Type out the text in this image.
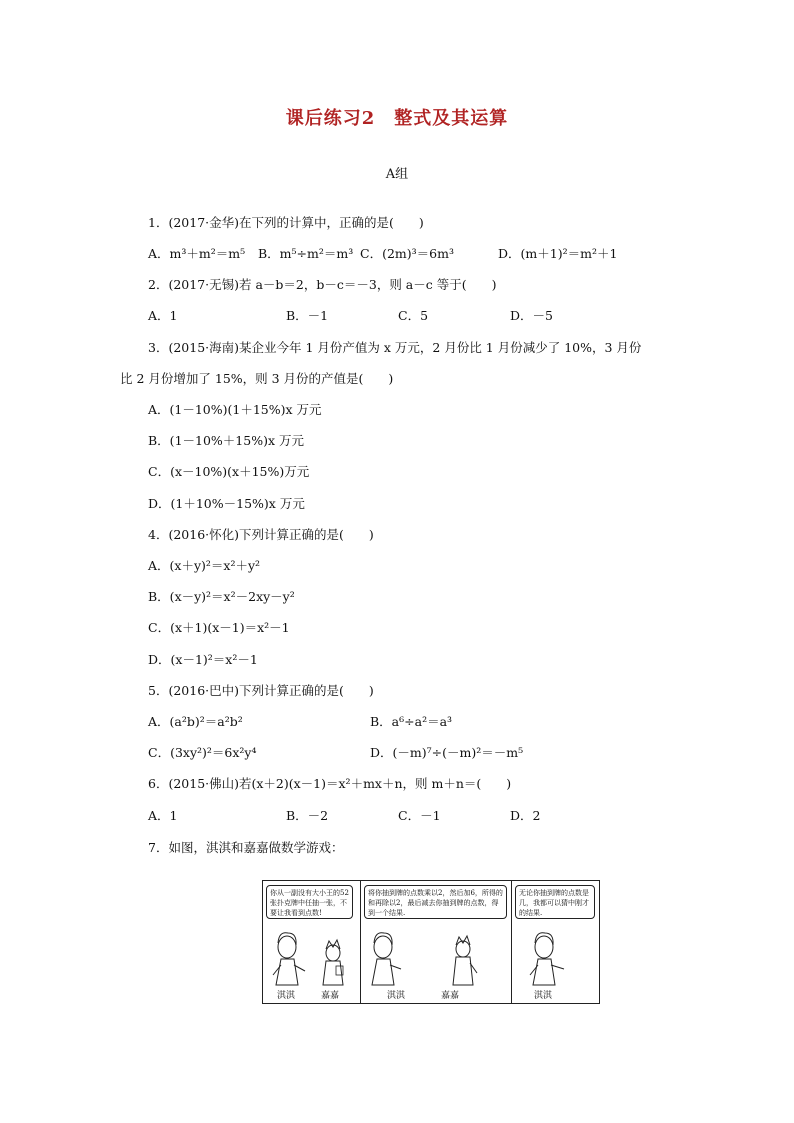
课后练习2　整式及其运算
A组
1．(2017·金华)在下列的计算中，正确的是(　　)
A．m³＋m²＝m⁵ B．m⁵÷m²＝m³ C．(2m)³＝6m³	D．(m＋1)²＝m²＋1
2．(2017·无锡)若 a－b＝2，b－c＝－3，则 a－c 等于(　　)
A．1	B．－1	C．5	D．－5
3．(2015·海南)某企业今年 1 月份产值为 x 万元，2 月份比 1 月份减少了 10%，3 月份
比 2 月份增加了 15%，则 3 月份的产值是(　　)
A．(1－10%)(1＋15%)x 万元
B．(1－10%＋15%)x 万元
C．(x－10%)(x＋15%)万元
D．(1＋10%－15%)x 万元
4．(2016·怀化)下列计算正确的是(　　)
A．(x＋y)²＝x²＋y²
B．(x－y)²＝x²－2xy－y²
C．(x＋1)(x－1)＝x²－1
D．(x－1)²＝x²－1
5．(2016·巴中)下列计算正确的是(　　)
A．(a²b)²＝a²b²	B．a⁶÷a²＝a³
C．(3xy²)²＝6x²y⁴	D．(－m)⁷÷(－m)²＝－m⁵
6．(2015·佛山)若(x＋2)(x－1)＝x²＋mx＋n，则 m＋n＝(　　)
A．1	B．－2	C．－1	D．2
7．如图，淇淇和嘉嘉做数学游戏：
你从一副没有大小王的52张扑克牌中任抽一张，不要让我看到点数!
淇淇	嘉嘉
将你抽到牌的点数乘以2，然后加6，所得的和再除以2，最后减去你抽到牌的点数，得到一个结果.
淇淇	嘉嘉
无论你抽到牌的点数是几，我都可以猜中刚才的结果.
淇淇
